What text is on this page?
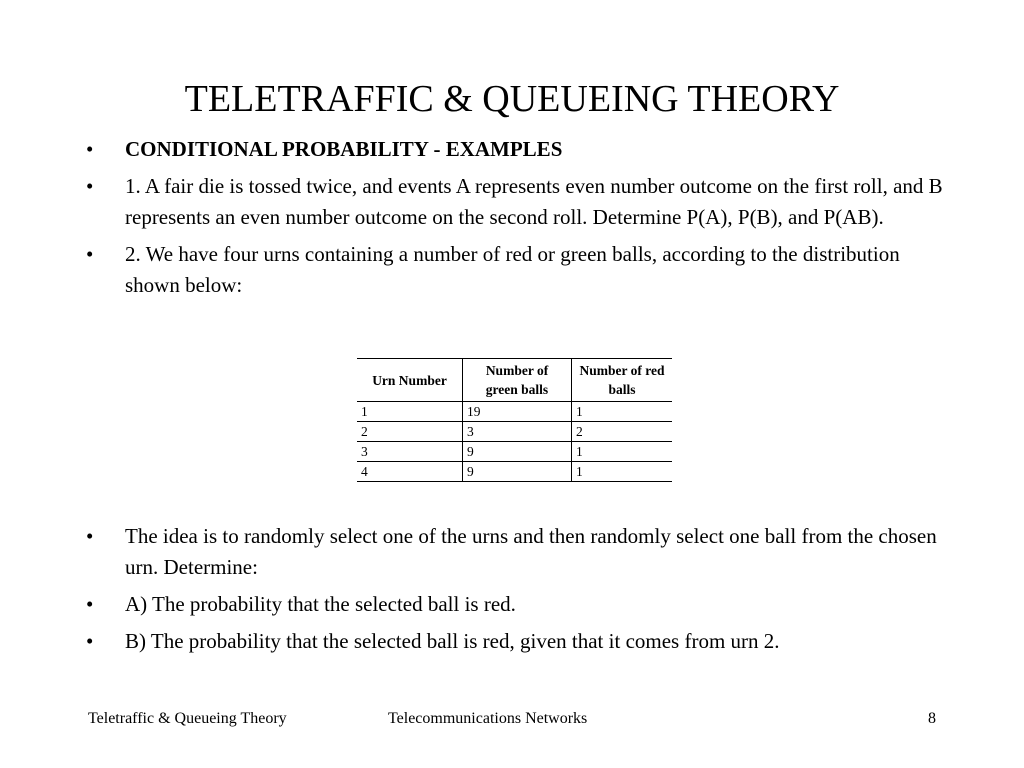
TELETRAFFIC & QUEUEING THEORY
• CONDITIONAL PROBABILITY - EXAMPLES
• 1. A fair die is tossed twice, and events A represents even number outcome on the first roll, and B represents an even number outcome on the second roll. Determine P(A), P(B), and P(AB).
• 2. We have four urns containing a number of red or green balls, according to the distribution shown below:
Urn Number	Number of green balls	Number of red balls
1	19	1
2	3	2
3	9	1
4	9	1
• The idea is to randomly select one of the urns and then randomly select one ball from the chosen urn. Determine:
• A) The probability that the selected ball is red.
• B) The probability that the selected ball is red, given that it comes from urn 2.
Teletraffic & Queueing Theory	Telecommunications Networks	8
